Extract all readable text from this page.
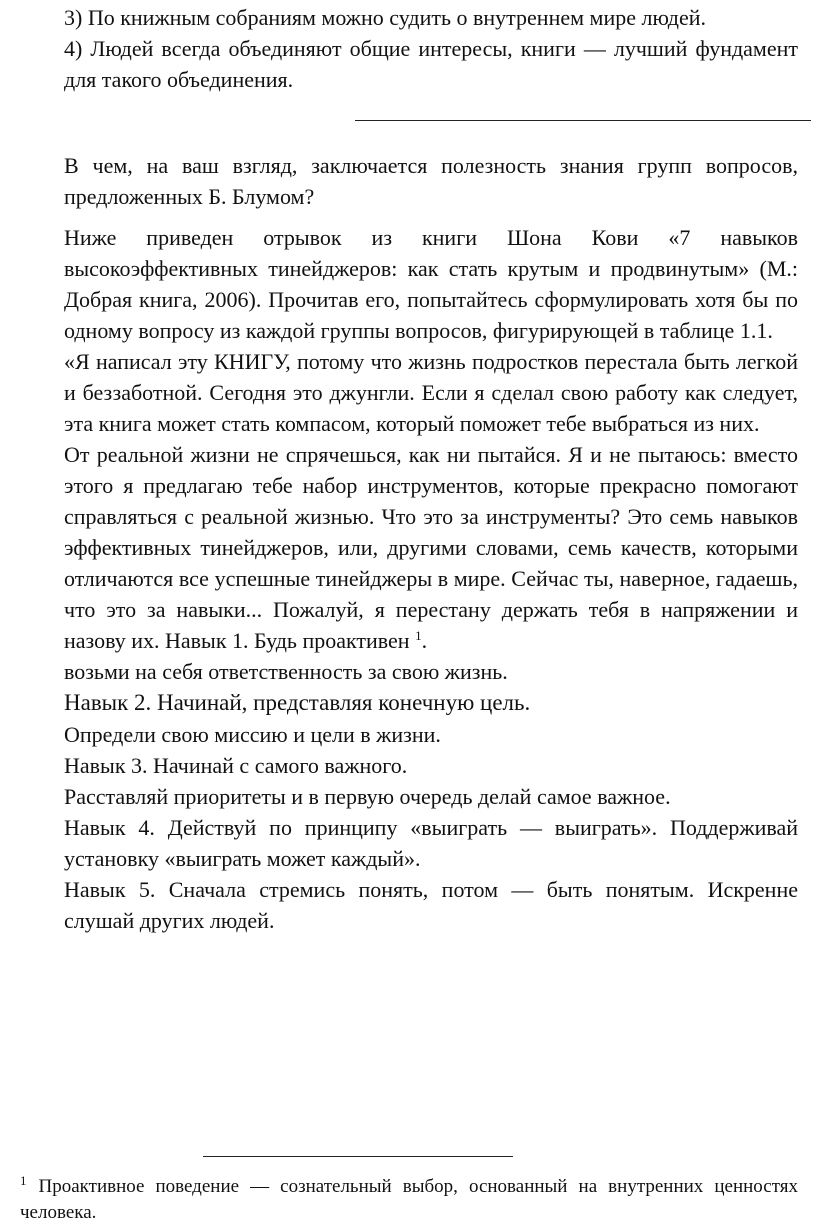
3) По книжным собраниям можно судить о внутреннем мире людей.

4) Людей всегда объединяют общие интересы, книги — лучший фундамент для такого объединения.

В чем, на ваш взгляд, заключается полезность знания групп вопросов, предложенных Б. Блумом?

Ниже приведен отрывок из книги Шона Кови «7 навыков высокоэффективных тинейджеров: как стать крутым и продвинутым» (М.: Добрая книга, 2006). Прочитав его, попытайтесь сформулировать хотя бы по одному вопросу из каждой группы вопросов, фигурирующей в таблице 1.1.

«Я написал эту КНИГУ, потому что жизнь подростков перестала быть легкой и беззаботной. Сегодня это джунгли. Если я сделал свою работу как следует, эта книга может стать компасом, который поможет тебе выбраться из них.

От реальной жизни не спрячешься, как ни пытайся. Я и не пытаюсь: вместо этого я предлагаю тебе набор инструментов, которые прекрасно помогают справляться с реальной жизнью. Что это за инструменты? Это семь навыков эффективных тинейджеров, или, другими словами, семь качеств, которыми отличаются все успешные тинейджеры в мире. Сейчас ты, наверное, гадаешь, что это за навыки... Пожалуй, я перестану держать тебя в напряжении и назову их. Навык 1. Будь проактивен $^1$.

возьми на себя ответственность за свою жизнь.

Навык 2. Начинай, представляя конечную цель.

Определи свою миссию и цели в жизни.

Навык 3. Начинай с самого важного.

Расставляй приоритеты и в первую очередь делай самое важное.

Навык 4. Действуй по принципу «выиграть — выиграть». Поддерживай установку «выиграть может каждый».

Навык 5. Сначала стремись понять, потом — быть понятым. Искренне слушай других людей.

$^1$ Проактивное поведение — сознательный выбор, основанный на внутренних ценностях человека.
